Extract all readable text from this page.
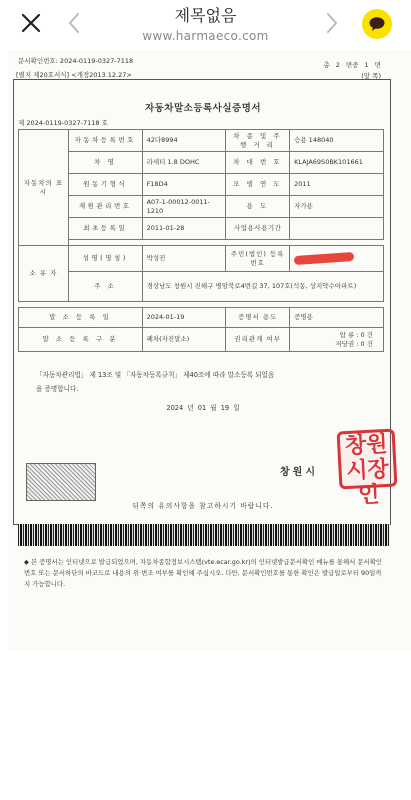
제목없음
www.harmaeco.com
문서확인번호: 2024-0119-0327-7118	총 2 면중 1 면
[별지 제20호서식] <개정2013.12.27>	(앞 쪽)
자동차말소등록사실증명서
제 2024-0119-0327-7118 호
자동차의 표 시	자동차등록번호	42다8994	차 종 및 주 행 거 리	승용 148040
	차 명	라세티 1.8 DOHC	차 대 번 호	KLAJA69S0BK101661
	원동기형식	F18D4	모 델 연 도	2011
	제원관리번호	A07-1-00012-0011-1210	용 도	자가용
	최초등록일	2011-01-28	사업용사용기간	

소 유 자	성명(명칭)	박성진	주민(법인) 등록번호	
	주 소	경상남도 창원시 진해구 병암북로4번길 37, 107호(석동, 상지약수아파트)		

말 소 등 록 일		2024-01-19	증명서 용도	증명용
말 소 등 록 구 분		폐차(자진말소)	권리관계 여부	압 류 : 0 건
저당권 : 0 건
「자동차관리법」 제 13조 및 「자동차등록규칙」 제40조에 따라 말소등록 되었음
을 증명합니다.
2024 년 01 월 19 일
창원시
창원
시장인
뒤쪽의 유의사항을 참고하시기 바랍니다.
◆ 본 증명서는 인터넷으로 발급되었으며, 자동차종합정보시스템(vte.ecar.go.kr)의 인터넷발급문서확인 메뉴를 통해서 문서확인번호 또는 문서하단의 바코드로 내용의 위·변조 여부를 확인해 주십시오. 다만, 문서확인번호를 통한 확인은 발급일로부터 90일까지 가능합니다.
